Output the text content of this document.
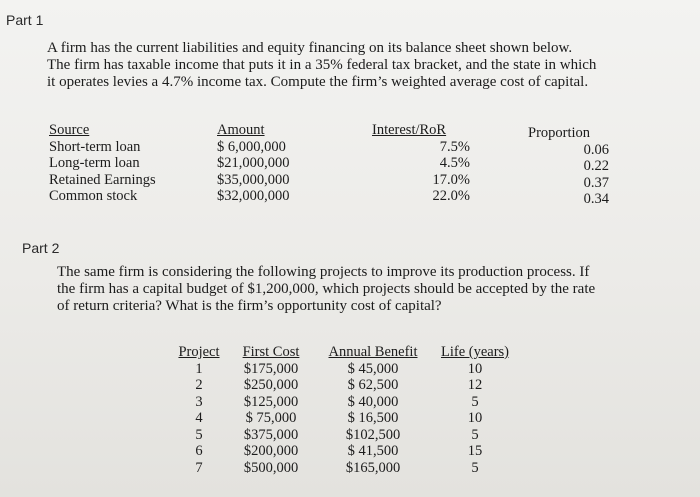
Part 1
A firm has the current liabilities and equity financing on its balance sheet shown below.
The firm has taxable income that puts it in a 35% federal tax bracket, and the state in which
it operates levies a 4.7% income tax. Compute the firm’s weighted average cost of capital.
Source
Short-term loan
Long-term loan
Retained Earnings
Common stock
Amount
$ 6,000,000
$21,000,000
$35,000,000
$32,000,000
Interest/RoR
7.5%
4.5%
17.0%
22.0%
Proportion
0.06
0.22
0.37
0.34
Part 2
The same firm is considering the following projects to improve its production process. If
the firm has a capital budget of $1,200,000, which projects should be accepted by the rate
of return criteria? What is the firm’s opportunity cost of capital?
Project
1
2
3
4
5
6
7
First Cost
$175,000
$250,000
$125,000
$ 75,000
$375,000
$200,000
$500,000
Annual Benefit
$ 45,000
$ 62,500
$ 40,000
$ 16,500
$102,500
$ 41,500
$165,000
Life (years)
10
12
5
10
5
15
5
